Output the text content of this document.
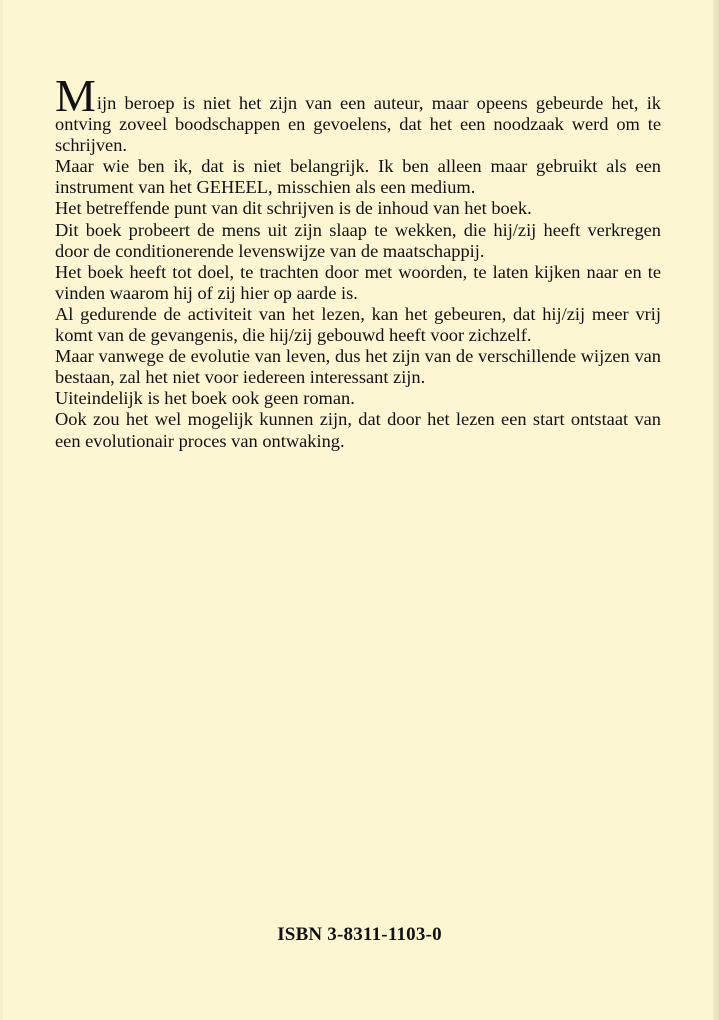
Mijn beroep is niet het zijn van een auteur, maar opeens gebeurde het, ik ontving zoveel boodschappen en gevoelens, dat het een noodzaak werd om te schrijven.

Maar wie ben ik, dat is niet belangrijk. Ik ben alleen maar gebruikt als een instrument van het GEHEEL, misschien als een medium.

Het betreffende punt van dit schrijven is de inhoud van het boek.

Dit boek probeert de mens uit zijn slaap te wekken, die hij/zij heeft verkregen door de conditionerende levenswijze van de maatschappij.

Het boek heeft tot doel, te trachten door met woorden, te laten kijken naar en te vinden waarom hij of zij hier op aarde is.

Al gedurende de activiteit van het lezen, kan het gebeuren, dat hij/zij meer vrij komt van de gevangenis, die hij/zij gebouwd heeft voor zichzelf.

Maar vanwege de evolutie van leven, dus het zijn van de verschillende wijzen van bestaan, zal het niet voor iedereen interessant zijn.

Uiteindelijk is het boek ook geen roman.

Ook zou het wel mogelijk kunnen zijn, dat door het lezen een start ontstaat van een evolutionair proces van ontwaking.

ISBN 3-8311-1103-0
